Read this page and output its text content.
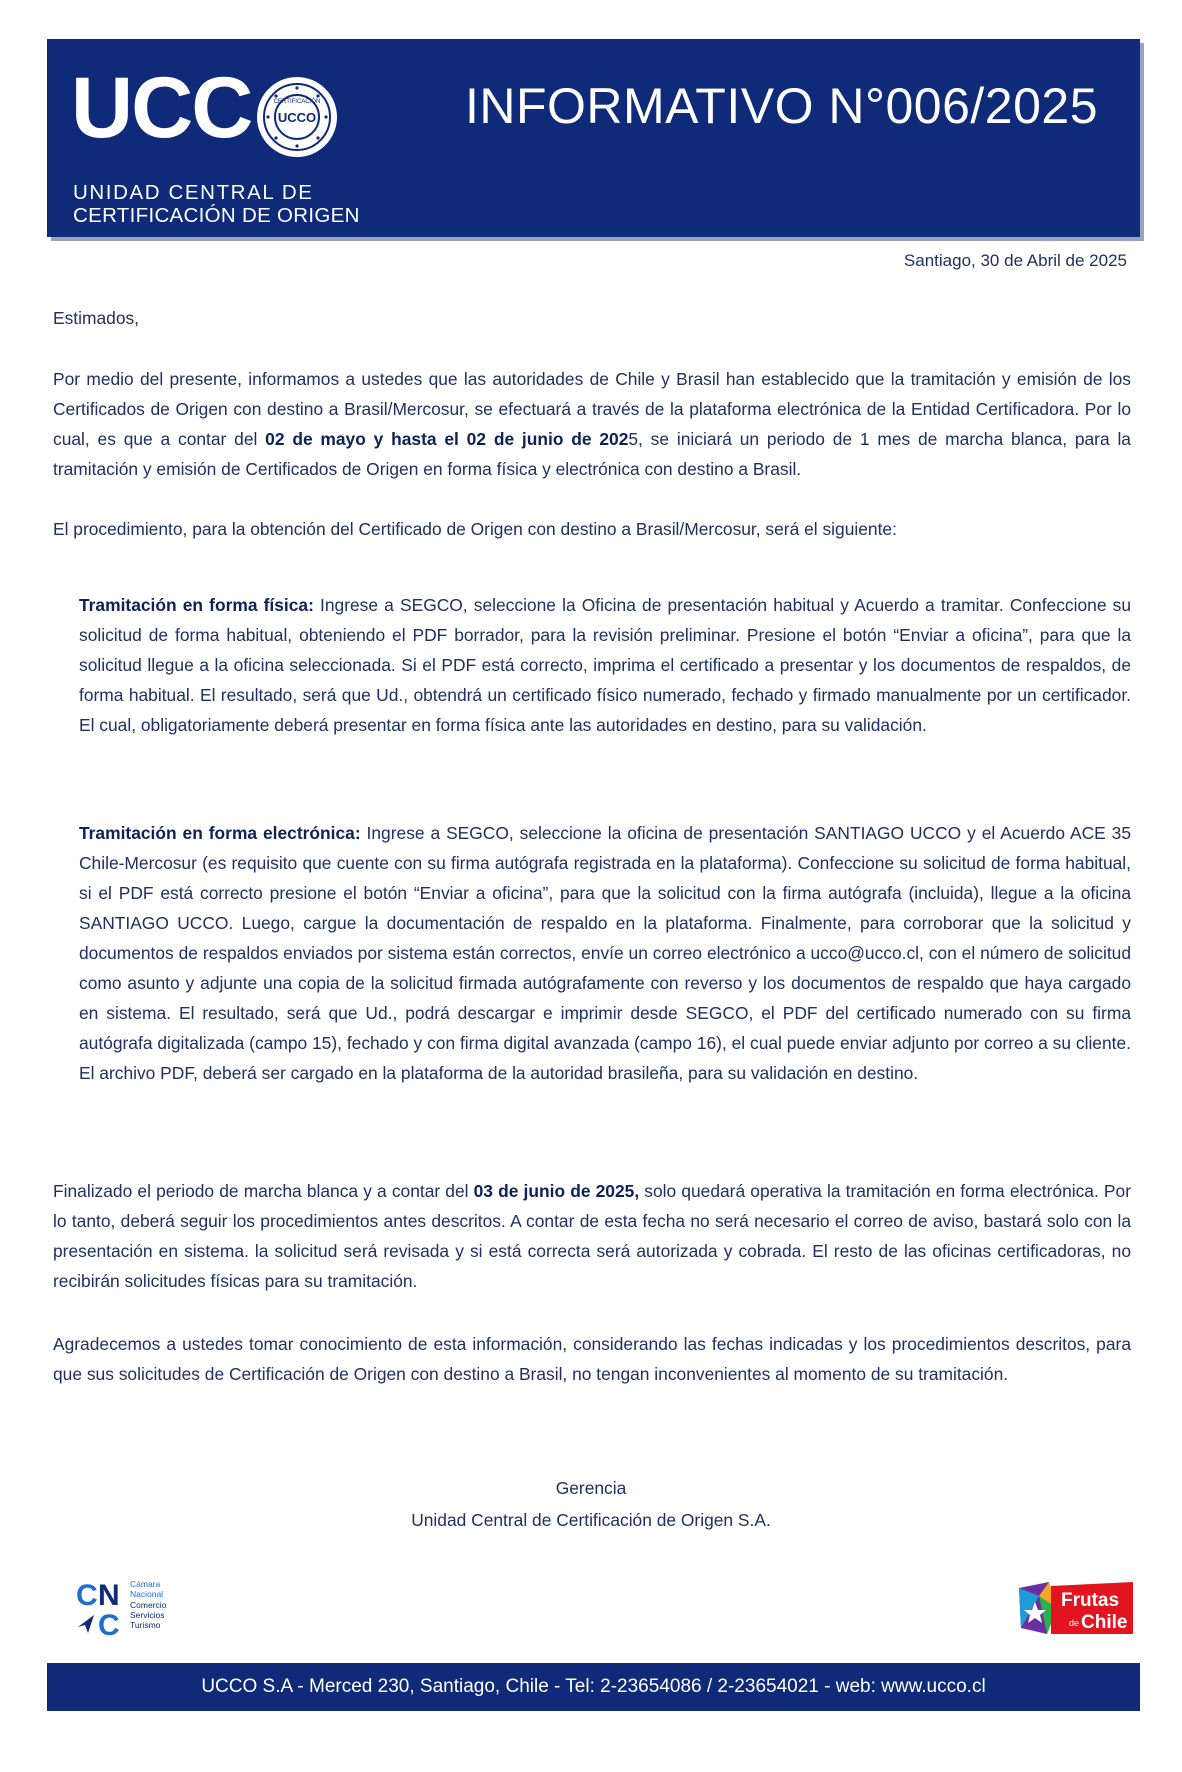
UCC UCCO
CERTIFICACIÓN
UNIDAD CENTRAL DE
CERTIFICACIÓN DE ORIGEN
INFORMATIVO N°006/2025
Santiago, 30 de Abril de 2025
Estimados,
Por medio del presente, informamos a ustedes que las autoridades de Chile y Brasil han establecido que la tramitación y emisión de los Certificados de Origen con destino a Brasil/Mercosur, se efectuará a través de la plataforma electrónica de la Entidad Certificadora. Por lo cual, es que a contar del 02 de mayo y hasta el 02 de junio de 2025, se iniciará un periodo de 1 mes de marcha blanca, para la tramitación y emisión de Certificados de Origen en forma física y electrónica con destino a Brasil.
El procedimiento, para la obtención del Certificado de Origen con destino a Brasil/Mercosur, será el siguiente:
Tramitación en forma física: Ingrese a SEGCO, seleccione la Oficina de presentación habitual y Acuerdo a tramitar. Confeccione su solicitud de forma habitual, obteniendo el PDF borrador, para la revisión preliminar. Presione el botón “Enviar a oficina”, para que la solicitud llegue a la oficina seleccionada. Si el PDF está correcto, imprima el certificado a presentar y los documentos de respaldos, de forma habitual. El resultado, será que Ud., obtendrá un certificado físico numerado, fechado y firmado manualmente por un certificador. El cual, obligatoriamente deberá presentar en forma física ante las autoridades en destino, para su validación.
Tramitación en forma electrónica: Ingrese a SEGCO, seleccione la oficina de presentación SANTIAGO UCCO y el Acuerdo ACE 35 Chile-Mercosur (es requisito que cuente con su firma autógrafa registrada en la plataforma). Confeccione su solicitud de forma habitual, si el PDF está correcto presione el botón “Enviar a oficina”, para que la solicitud con la firma autógrafa (incluida), llegue a la oficina SANTIAGO UCCO. Luego, cargue la documentación de respaldo en la plataforma. Finalmente, para corroborar que la solicitud y documentos de respaldos enviados por sistema están correctos, envíe un correo electrónico a ucco@ucco.cl, con el número de solicitud como asunto y adjunte una copia de la solicitud firmada autógrafamente con reverso y los documentos de respaldo que haya cargado en sistema. El resultado, será que Ud., podrá descargar e imprimir desde SEGCO, el PDF del certificado numerado con su firma autógrafa digitalizada (campo 15), fechado y con firma digital avanzada (campo 16), el cual puede enviar adjunto por correo a su cliente. El archivo PDF, deberá ser cargado en la plataforma de la autoridad brasileña, para su validación en destino.
Finalizado el periodo de marcha blanca y a contar del 03 de junio de 2025, solo quedará operativa la tramitación en forma electrónica. Por lo tanto, deberá seguir los procedimientos antes descritos. A contar de esta fecha no será necesario el correo de aviso, bastará solo con la presentación en sistema. la solicitud será revisada y si está correcta será autorizada y cobrada. El resto de las oficinas certificadoras, no recibirán solicitudes físicas para su tramitación.
Agradecemos a ustedes tomar conocimiento de esta información, considerando las fechas indicadas y los procedimientos descritos, para que sus solicitudes de Certificación de Origen con destino a Brasil, no tengan inconvenientes al momento de su tramitación.
Gerencia
Unidad Central de Certificación de Origen S.A.
C N
C
Cámara
Nacional
Comercio
Servicios
Turismo
Frutas
de Chile
UCCO S.A - Merced 230, Santiago, Chile - Tel: 2-23654086 / 2-23654021 - web: www.ucco.cl
